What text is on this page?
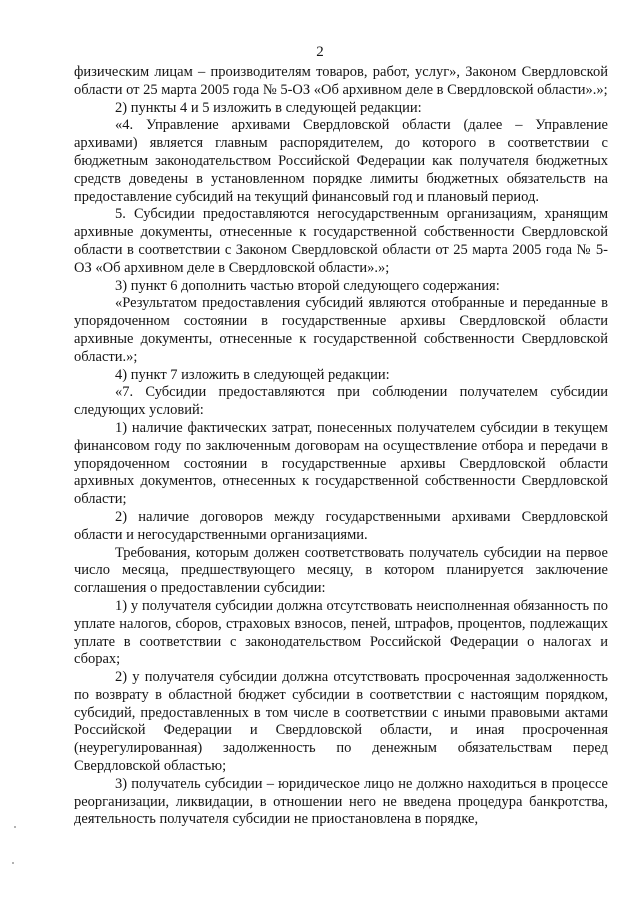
2

физическим лицам – производителям товаров, работ, услуг», Законом Свердловской области от 25 марта 2005 года № 5-ОЗ «Об архивном деле в Свердловской области».»;

2) пункты 4 и 5 изложить в следующей редакции:

«4. Управление архивами Свердловской области (далее – Управление архивами) является главным распорядителем, до которого в соответствии с бюджетным законодательством Российской Федерации как получателя бюджетных средств доведены в установленном порядке лимиты бюджетных обязательств на предоставление субсидий на текущий финансовый год и плановый период.

5. Субсидии предоставляются негосударственным организациям, хранящим архивные документы, отнесенные к государственной собственности Свердловской области в соответствии с Законом Свердловской области от 25 марта 2005 года № 5-ОЗ «Об архивном деле в Свердловской области».»;

3) пункт 6 дополнить частью второй следующего содержания:

«Результатом предоставления субсидий являются отобранные и переданные в упорядоченном состоянии в государственные архивы Свердловской области архивные документы, отнесенные к государственной собственности Свердловской области.»;

4) пункт 7 изложить в следующей редакции:

«7. Субсидии предоставляются при соблюдении получателем субсидии следующих условий:

1) наличие фактических затрат, понесенных получателем субсидии в текущем финансовом году по заключенным договорам на осуществление отбора и передачи в упорядоченном состоянии в государственные архивы Свердловской области архивных документов, отнесенных к государственной собственности Свердловской области;

2) наличие договоров между государственными архивами Свердловской области и негосударственными организациями.

Требования, которым должен соответствовать получатель субсидии на первое число месяца, предшествующего месяцу, в котором планируется заключение соглашения о предоставлении субсидии:

1) у получателя субсидии должна отсутствовать неисполненная обязанность по уплате налогов, сборов, страховых взносов, пеней, штрафов, процентов, подлежащих уплате в соответствии с законодательством Российской Федерации о налогах и сборах;

2) у получателя субсидии должна отсутствовать просроченная задолженность по возврату в областной бюджет субсидии в соответствии с настоящим порядком, субсидий, предоставленных в том числе в соответствии с иными правовыми актами Российской Федерации и Свердловской области, и иная просроченная (неурегулированная) задолженность по денежным обязательствам перед Свердловской областью;

3) получатель субсидии – юридическое лицо не должно находиться в процессе реорганизации, ликвидации, в отношении него не введена процедура банкротства, деятельность получателя субсидии не приостановлена в порядке,
